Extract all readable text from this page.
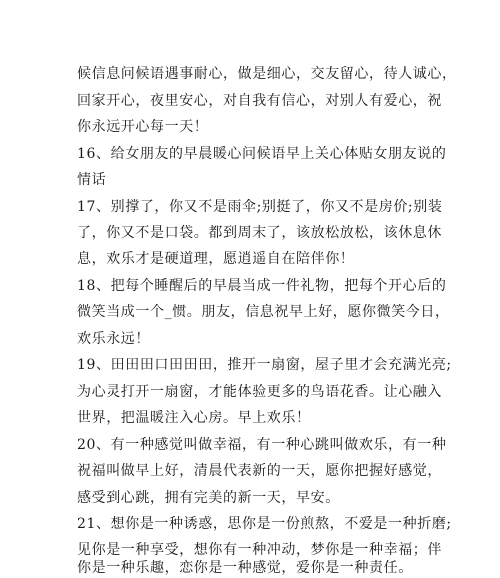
候信息问候语遇事耐心，做是细心，交友留心，待人诚心，
回家开心，夜里安心，对自我有信心，对别人有爱心，祝
你永远开心每一天！
16、给女朋友的早晨暖心问候语早上关心体贴女朋友说的
情话
17、别撑了，你又不是雨伞;别挺了，你又不是房价;别装
了，你又不是口袋。都到周末了，该放松放松，该休息休
息，欢乐才是硬道理，愿逍遥自在陪伴你！
18、把每个睡醒后的早晨当成一件礼物，把每个开心后的
微笑当成一个_惯。朋友，信息祝早上好，愿你微笑今日，
欢乐永远！
19、田田田口田田田，推开一扇窗，屋子里才会充满光亮;
为心灵打开一扇窗，才能体验更多的鸟语花香。让心融入
世界，把温暖注入心房。早上欢乐！
20、有一种感觉叫做幸福，有一种心跳叫做欢乐，有一种
祝福叫做早上好，清晨代表新的一天，愿你把握好感觉，
感受到心跳，拥有完美的新一天，早安。
21、想你是一种诱惑，思你是一份煎熬，不爱是一种折磨;
见你是一种享受，想你有一种冲动，梦你是一种幸福；伴
你是一种乐趣，恋你是一种感觉，爱你是一种责任。
